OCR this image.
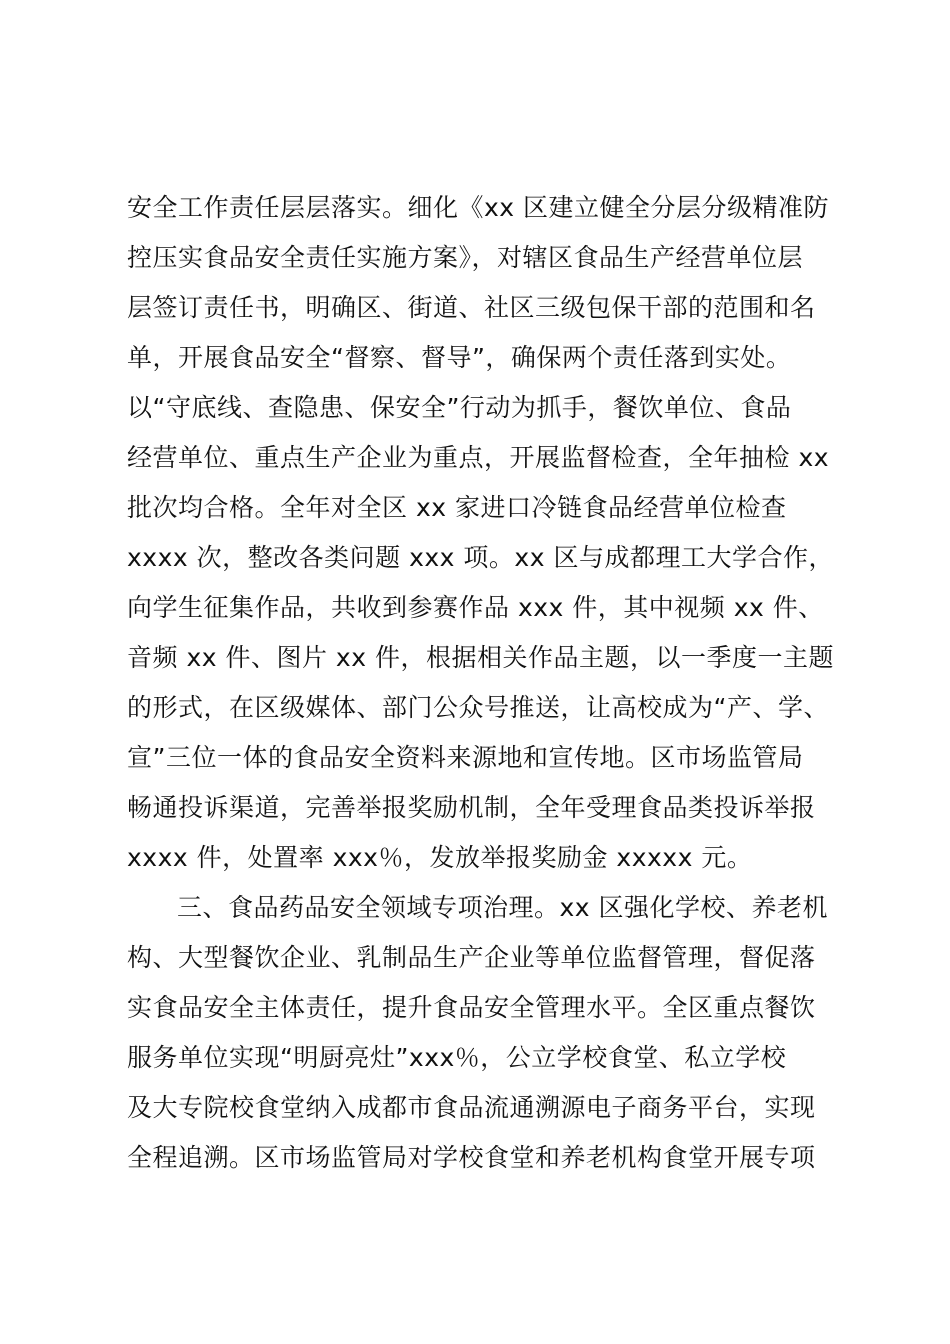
安全工作责任层层落实。细化《xx 区建立健全分层分级精准防
控压实食品安全责任实施方案》，对辖区食品生产经营单位层
层签订责任书，明确区、街道、社区三级包保干部的范围和名
单，开展食品安全“督察、督导”，确保两个责任落到实处。
以“守底线、查隐患、保安全”行动为抓手，餐饮单位、食品
经营单位、重点生产企业为重点，开展监督检查，全年抽检 xx
批次均合格。全年对全区 xx 家进口冷链食品经营单位检查
xxxx 次，整改各类问题 xxx 项。xx 区与成都理工大学合作，
向学生征集作品，共收到参赛作品 xxx 件，其中视频 xx 件、
音频 xx 件、图片 xx 件，根据相关作品主题，以一季度一主题
的形式，在区级媒体、部门公众号推送，让高校成为“产、学、
宣”三位一体的食品安全资料来源地和宣传地。区市场监管局
畅通投诉渠道，完善举报奖励机制，全年受理食品类投诉举报
xxxx 件，处置率 xxx％，发放举报奖励金 xxxxx 元。
三、食品药品安全领域专项治理。xx 区强化学校、养老机
构、大型餐饮企业、乳制品生产企业等单位监督管理，督促落
实食品安全主体责任，提升食品安全管理水平。全区重点餐饮
服务单位实现“明厨亮灶”xxx％，公立学校食堂、私立学校
及大专院校食堂纳入成都市食品流通溯源电子商务平台，实现
全程追溯。区市场监管局对学校食堂和养老机构食堂开展专项
